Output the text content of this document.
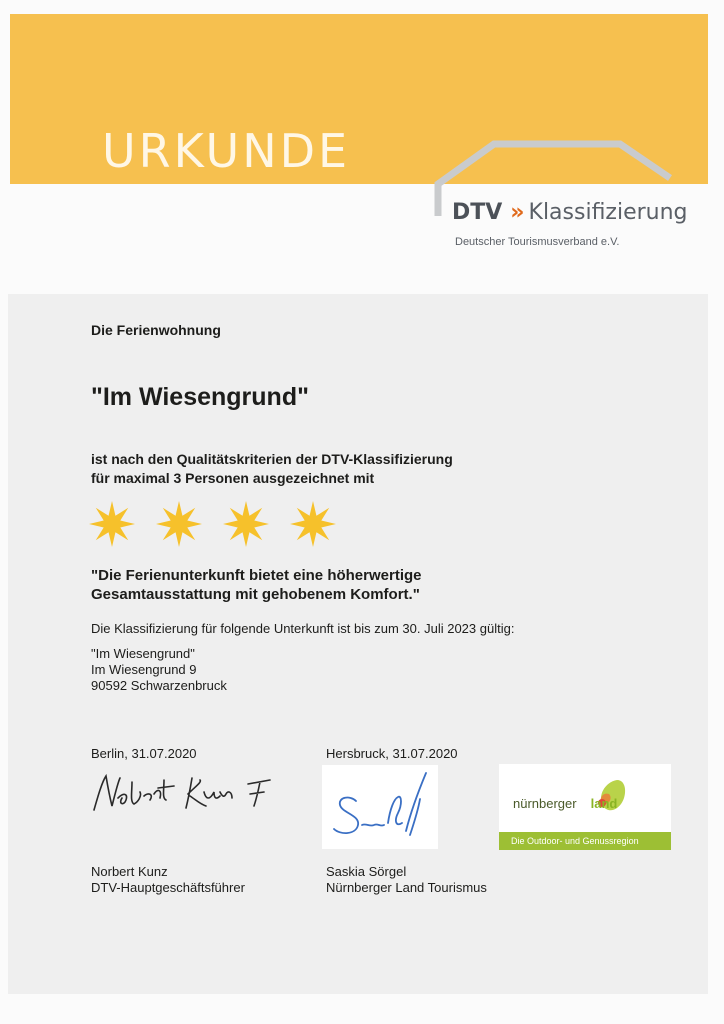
URKUNDE
DTV » Klassifizierung
Deutscher Tourismusverband e.V.
Die Ferienwohnung
"Im Wiesengrund"
ist nach den Qualitätskriterien der DTV-Klassifizierung
für maximal 3 Personen ausgezeichnet mit
"Die Ferienunterkunft bietet eine höherwertige
Gesamtausstattung mit gehobenem Komfort."
Die Klassifizierung für folgende Unterkunft ist bis zum 30. Juli 2023 gültig:
"Im Wiesengrund"
Im Wiesengrund 9
90592 Schwarzenbruck
Berlin, 31.07.2020	Hersbruck, 31.07.2020
Norbert Kunz
DTV-Hauptgeschäftsführer
Saskia Sörgel
Nürnberger Land Tourismus
nürnberger land
Die Outdoor- und Genussregion
